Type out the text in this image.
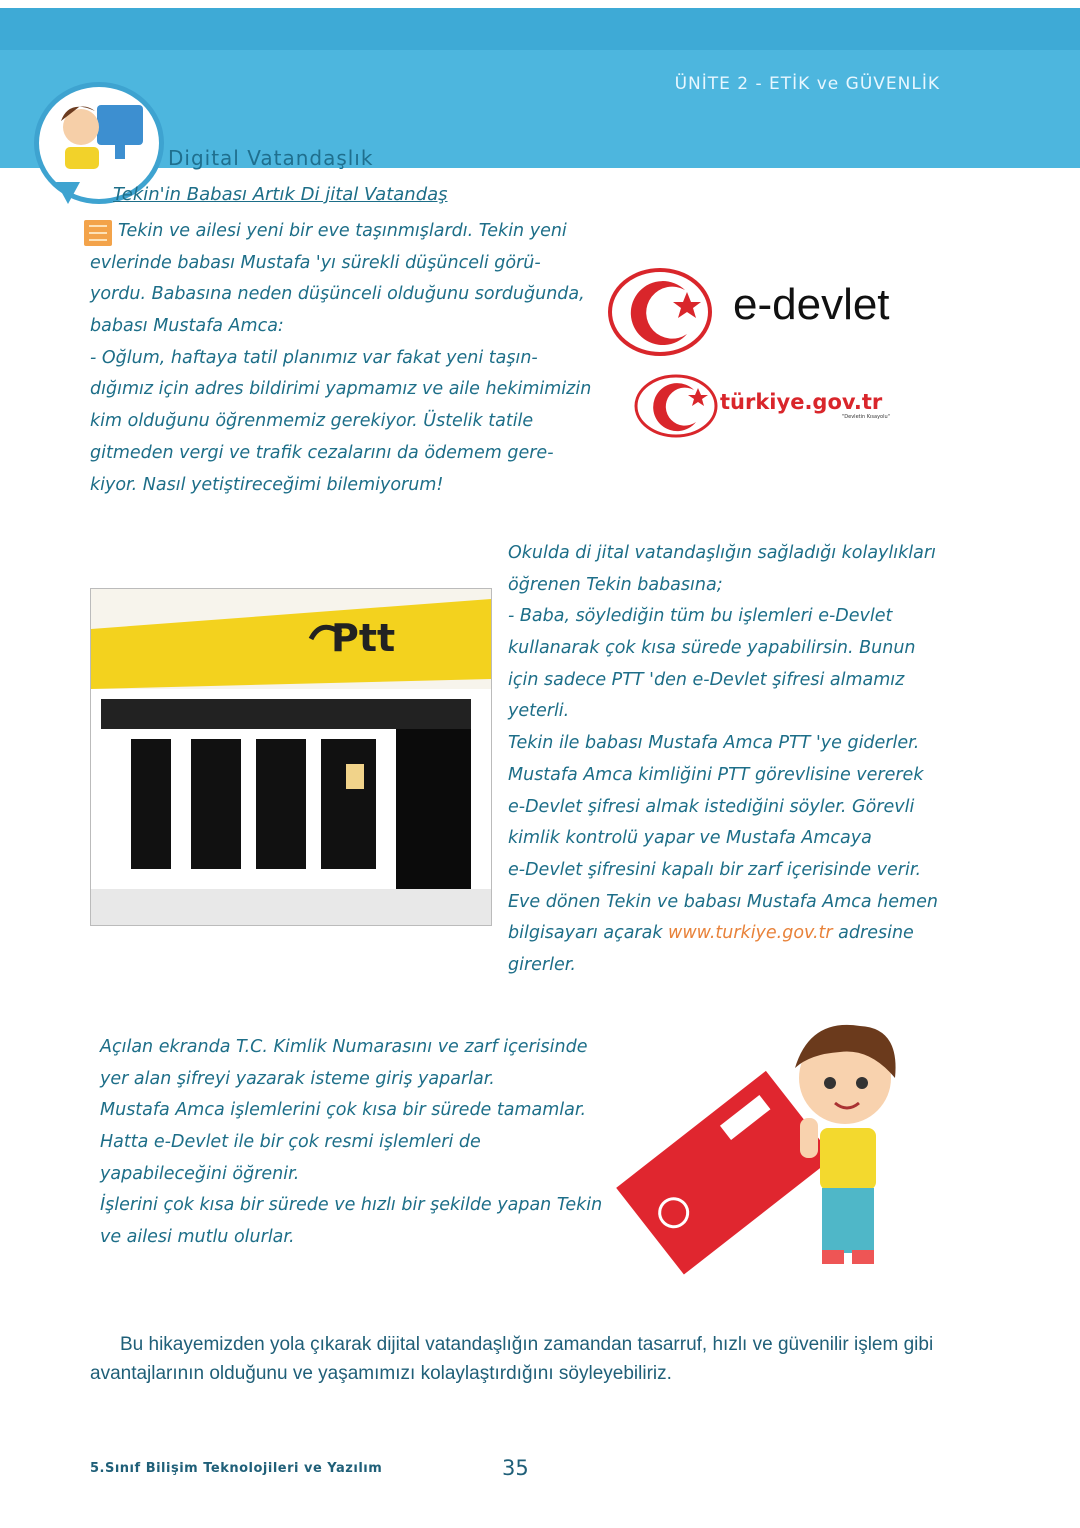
ÜNİTE 2 - ETİK ve GÜVENLİK
Digital Vatandaşlık
Tekin'in Babası Artık Di jital Vatandaş
Tekin ve ailesi yeni bir eve taşınmışlardı. Tekin yeni
evlerinde babası Mustafa 'yı sürekli düşünceli görü-
yordu. Babasına neden düşünceli olduğunu sorduğunda,
babası Mustafa Amca:
- Oğlum, haftaya tatil planımız var fakat yeni taşın-
dığımız için adres bildirimi yapmamız ve aile hekimimizin
kim olduğunu öğrenmemiz gerekiyor. Üstelik tatile
gitmeden vergi ve trafik cezalarını da ödemem gere-
kiyor. Nasıl yetiştireceğimi bilemiyorum!
e-devlet
türkiye.gov.tr
"Devletin Kısayolu"
Ptt
Okulda di jital vatandaşlığın sağladığı kolaylıkları
öğrenen Tekin babasına;
- Baba, söylediğin tüm bu işlemleri e-Devlet
kullanarak çok kısa sürede yapabilirsin. Bunun
için sadece PTT 'den e-Devlet şifresi almamız
yeterli.
Tekin ile babası Mustafa Amca PTT 'ye giderler.
Mustafa Amca kimliğini PTT görevlisine vererek
e-Devlet şifresi almak istediğini söyler. Görevli
kimlik kontrolü yapar ve Mustafa Amcaya
e-Devlet şifresini kapalı bir zarf içerisinde verir.
Eve dönen Tekin ve babası Mustafa Amca hemen
bilgisayarı açarak www.turkiye.gov.tr adresine
girerler.
Açılan ekranda T.C. Kimlik Numarasını ve zarf içerisinde
yer alan şifreyi yazarak isteme giriş yaparlar.
Mustafa Amca işlemlerini çok kısa bir sürede tamamlar.
Hatta e-Devlet ile bir çok resmi işlemleri de
yapabileceğini öğrenir.
İşlerini çok kısa bir sürede ve hızlı bir şekilde yapan Tekin
ve ailesi mutlu olurlar.
Bu hikayemizden yola çıkarak dijital vatandaşlığın zamandan tasarruf, hızlı ve güvenilir işlem gibi avantajlarının olduğunu ve yaşamımızı kolaylaştırdığını söyleyebiliriz.
5.Sınıf Bilişim Teknolojileri ve Yazılım	35
